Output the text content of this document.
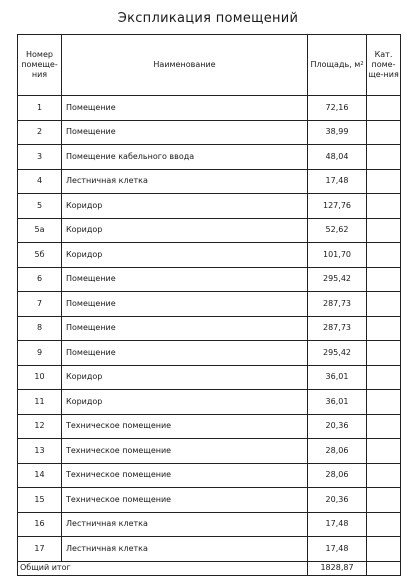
Экспликация помещений
Номер помеще-ния	Наименование	Площадь, $м^2$	Кат. поме-ще-ния
1	Помещение	72,16	
2	Помещение	38,99	
3	Помещение кабельного ввода	48,04	
4	Лестничная клетка	17,48	
5	Коридор	127,76	
5а	Коридор	52,62	
5б	Коридор	101,70	
6	Помещение	295,42	
7	Помещение	287,73	
8	Помещение	287,73	
9	Помещение	295,42	
10	Коридор	36,01	
11	Коридор	36,01	
12	Техническое помещение	20,36	
13	Техническое помещение	28,06	
14	Техническое помещение	28,06	
15	Техническое помещение	20,36	
16	Лестничная клетка	17,48	
17	Лестничная клетка	17,48	
Общий итог		1828,87	
